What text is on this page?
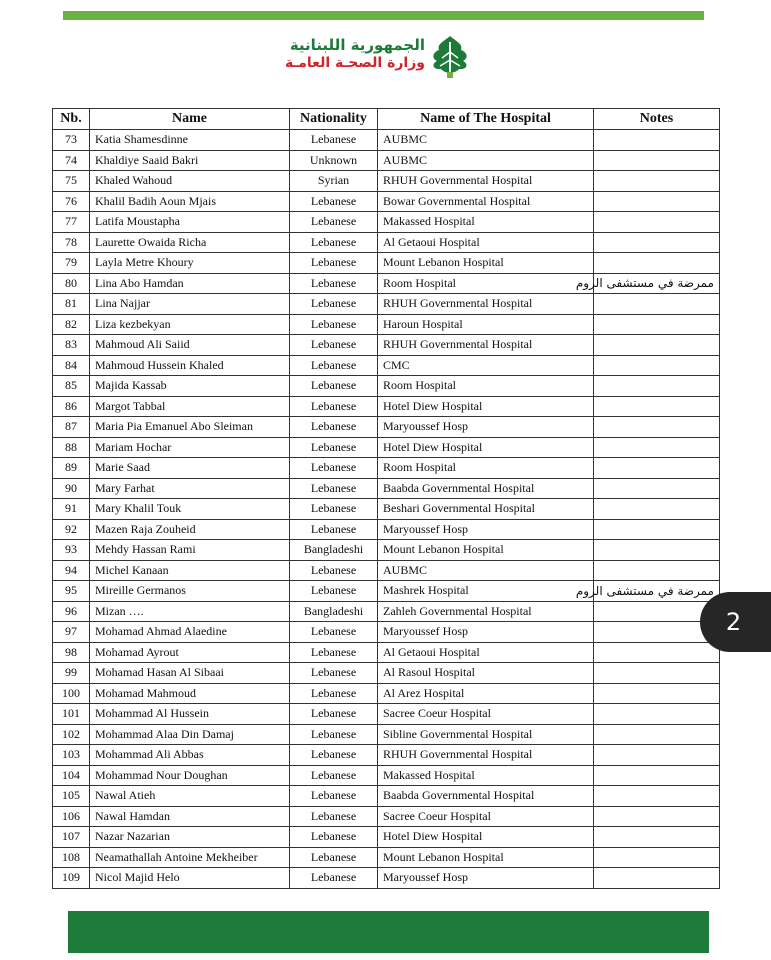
الجمهورية اللبنانية
وزارة الصحـة العامـة
Nb.	Name	Nationality	Name of The Hospital	Notes
73	Katia Shamesdinne	Lebanese	AUBMC	
74	Khaldiye Saaid Bakri	Unknown	AUBMC	
75	Khaled Wahoud	Syrian	RHUH Governmental Hospital	
76	Khalil Badih Aoun Mjais	Lebanese	Bowar Governmental Hospital	
77	Latifa Moustapha	Lebanese	Makassed Hospital	
78	Laurette Owaida Richa	Lebanese	Al Getaoui Hospital	
79	Layla Metre Khoury	Lebanese	Mount Lebanon Hospital	
80	Lina Abo Hamdan	Lebanese	Room Hospital	ممرضة في مستشفى الروم
81	Lina Najjar	Lebanese	RHUH Governmental Hospital	
82	Liza kezbekyan	Lebanese	Haroun Hospital	
83	Mahmoud Ali Saiid	Lebanese	RHUH Governmental Hospital	
84	Mahmoud Hussein Khaled	Lebanese	CMC	
85	Majida Kassab	Lebanese	Room Hospital	
86	Margot Tabbal	Lebanese	Hotel Diew Hospital	
87	Maria Pia Emanuel Abo Sleiman	Lebanese	Maryoussef Hosp	
88	Mariam Hochar	Lebanese	Hotel Diew Hospital	
89	Marie Saad	Lebanese	Room Hospital	
90	Mary Farhat	Lebanese	Baabda Governmental Hospital	
91	Mary Khalil Touk	Lebanese	Beshari Governmental Hospital	
92	Mazen Raja Zouheid	Lebanese	Maryoussef Hosp	
93	Mehdy Hassan Rami	Bangladeshi	Mount Lebanon Hospital	
94	Michel Kanaan	Lebanese	AUBMC	
95	Mireille Germanos	Lebanese	Mashrek Hospital	ممرضة في مستشفى الروم
96	Mizan ….	Bangladeshi	Zahleh Governmental Hospital	
97	Mohamad Ahmad Alaedine	Lebanese	Maryoussef Hosp	
98	Mohamad Ayrout	Lebanese	Al Getaoui Hospital	
99	Mohamad Hasan Al Sibaai	Lebanese	Al Rasoul Hospital	
100	Mohamad Mahmoud	Lebanese	Al Arez Hospital	
101	Mohammad Al Hussein	Lebanese	Sacree Coeur Hospital	
102	Mohammad Alaa Din Damaj	Lebanese	Sibline Governmental Hospital	
103	Mohammad Ali Abbas	Lebanese	RHUH Governmental Hospital	
104	Mohammad Nour Doughan	Lebanese	Makassed Hospital	
105	Nawal Atieh	Lebanese	Baabda Governmental Hospital	
106	Nawal Hamdan	Lebanese	Sacree Coeur Hospital	
107	Nazar Nazarian	Lebanese	Hotel Diew Hospital	
108	Neamathallah Antoine Mekheiber	Lebanese	Mount Lebanon Hospital	
109	Nicol Majid Helo	Lebanese	Maryoussef Hosp	
2
